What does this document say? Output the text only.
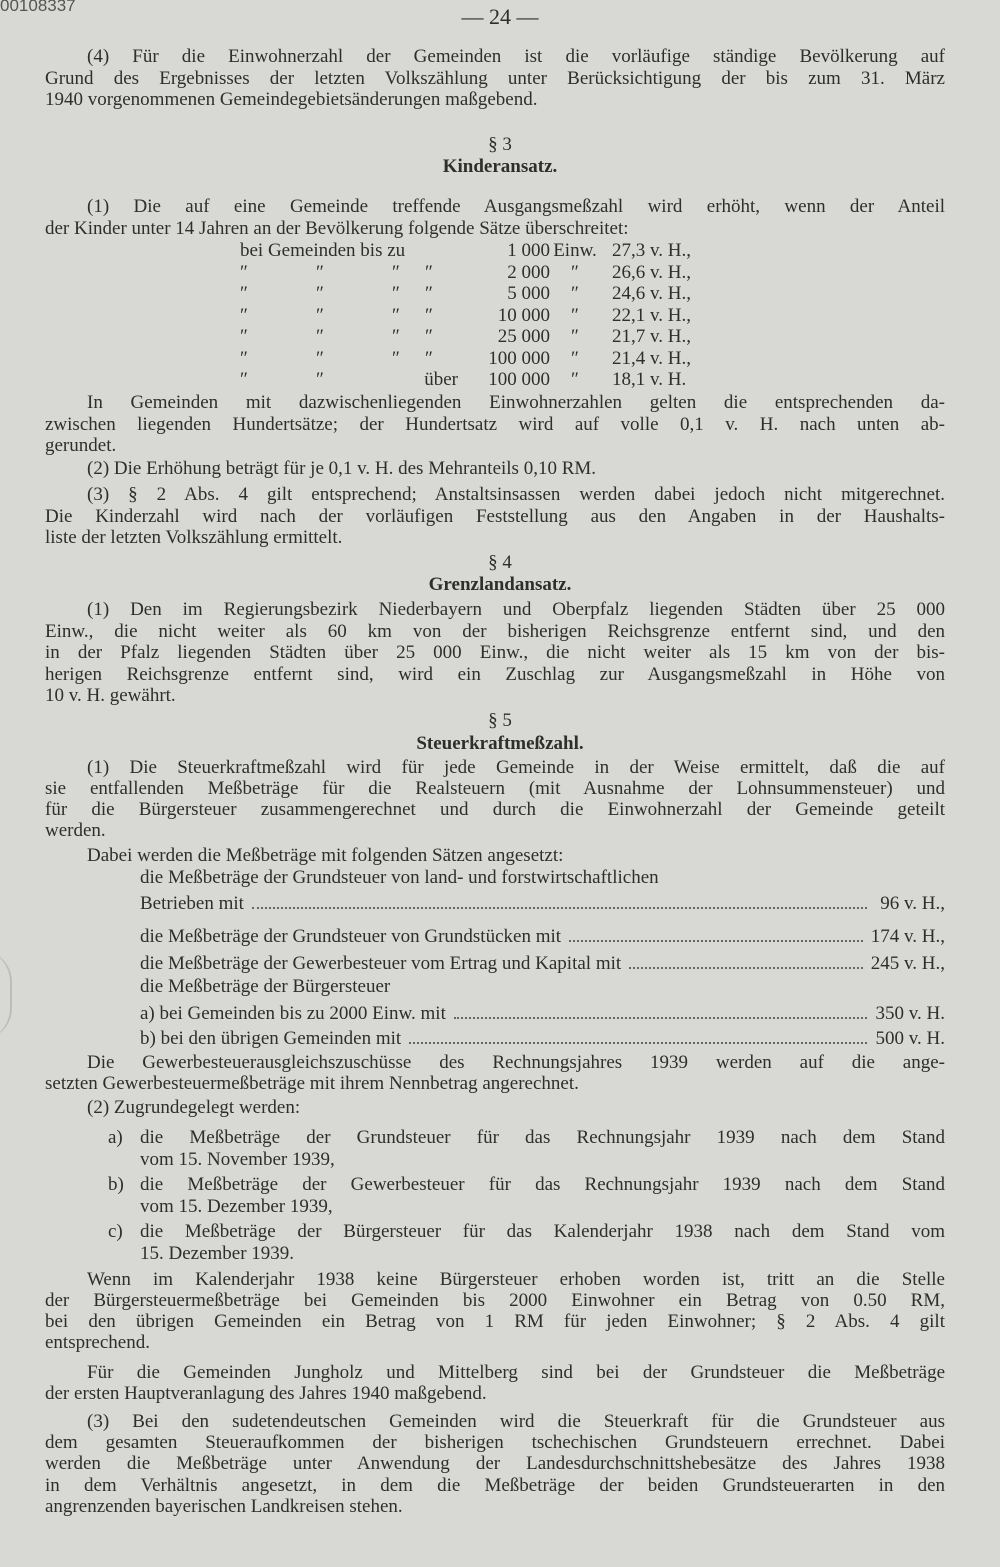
00108337	— 24 —
(4) Für die Einwohnerzahl der Gemeinden ist die vorläufige ständige Bevölkerung auf
Grund des Ergebnisses der letzten Volkszählung unter Berücksichtigung der bis zum 31. März
1940 vorgenommenen Gemeindegebietsänderungen maßgebend.
§ 3
Kinderansatz.
(1) Die auf eine Gemeinde treffende Ausgangsmeßzahl wird erhöht, wenn der Anteil
der Kinder unter 14 Jahren an der Bevölkerung folgende Sätze überschreitet:
bei Gemeinden bis zu	1 000 Einw. 27,3 v. H.,
″	″	″	″	2 000	″	26,6 v. H.,
″	″	″	″	5 000	″	24,6 v. H.,
″	″	″	″	10 000	″	22,1 v. H.,
″	″	″	″	25 000	″	21,7 v. H.,
″	″	″	″	100 000	″	21,4 v. H.,
″	″	über	100 000	″	18,1 v. H.
In Gemeinden mit dazwischenliegenden Einwohnerzahlen gelten die entsprechenden da-
zwischen liegenden Hundertsätze; der Hundertsatz wird auf volle 0,1 v. H. nach unten ab-
gerundet.
(2) Die Erhöhung beträgt für je 0,1 v. H. des Mehranteils 0,10 RM.
(3) § 2 Abs. 4 gilt entsprechend; Anstaltsinsassen werden dabei jedoch nicht mitgerechnet.
Die Kinderzahl wird nach der vorläufigen Feststellung aus den Angaben in der Haushalts-
liste der letzten Volkszählung ermittelt.
§ 4
Grenzlandansatz.
(1) Den im Regierungsbezirk Niederbayern und Oberpfalz liegenden Städten über 25 000
Einw., die nicht weiter als 60 km von der bisherigen Reichsgrenze entfernt sind, und den
in der Pfalz liegenden Städten über 25 000 Einw., die nicht weiter als 15 km von der bis-
herigen Reichsgrenze entfernt sind, wird ein Zuschlag zur Ausgangsmeßzahl in Höhe von
10 v. H. gewährt.
§ 5
Steuerkraftmeßzahl.
(1) Die Steuerkraftmeßzahl wird für jede Gemeinde in der Weise ermittelt, daß die auf
sie entfallenden Meßbeträge für die Realsteuern (mit Ausnahme der Lohnsummensteuer) und
für die Bürgersteuer zusammengerechnet und durch die Einwohnerzahl der Gemeinde geteilt
werden.
Dabei werden die Meßbeträge mit folgenden Sätzen angesetzt:
die Meßbeträge der Grundsteuer von land- und forstwirtschaftlichen
Betrieben mit	96 v. H.,
die Meßbeträge der Grundsteuer von Grundstücken mit	174 v. H.,
die Meßbeträge der Gewerbesteuer vom Ertrag und Kapital mit	245 v. H.,
die Meßbeträge der Bürgersteuer
a) bei Gemeinden bis zu 2000 Einw. mit	350 v. H.
b) bei den übrigen Gemeinden mit	500 v. H.
Die Gewerbesteuerausgleichszuschüsse des Rechnungsjahres 1939 werden auf die ange-
setzten Gewerbesteuermeßbeträge mit ihrem Nennbetrag angerechnet.
(2) Zugrundegelegt werden:
a) die Meßbeträge der Grundsteuer für das Rechnungsjahr 1939 nach dem Stand
vom 15. November 1939,
b) die Meßbeträge der Gewerbesteuer für das Rechnungsjahr 1939 nach dem Stand
vom 15. Dezember 1939,
c) die Meßbeträge der Bürgersteuer für das Kalenderjahr 1938 nach dem Stand vom
15. Dezember 1939.
Wenn im Kalenderjahr 1938 keine Bürgersteuer erhoben worden ist, tritt an die Stelle
der Bürgersteuermeßbeträge bei Gemeinden bis 2000 Einwohner ein Betrag von 0.50 RM,
bei den übrigen Gemeinden ein Betrag von 1 RM für jeden Einwohner; § 2 Abs. 4 gilt
entsprechend.
Für die Gemeinden Jungholz und Mittelberg sind bei der Grundsteuer die Meßbeträge
der ersten Hauptveranlagung des Jahres 1940 maßgebend.
(3) Bei den sudetendeutschen Gemeinden wird die Steuerkraft für die Grundsteuer aus
dem gesamten Steueraufkommen der bisherigen tschechischen Grundsteuern errechnet. Dabei
werden die Meßbeträge unter Anwendung der Landesdurchschnittshebesätze des Jahres 1938
in dem Verhältnis angesetzt, in dem die Meßbeträge der beiden Grundsteuerarten in den
angrenzenden bayerischen Landkreisen stehen.
